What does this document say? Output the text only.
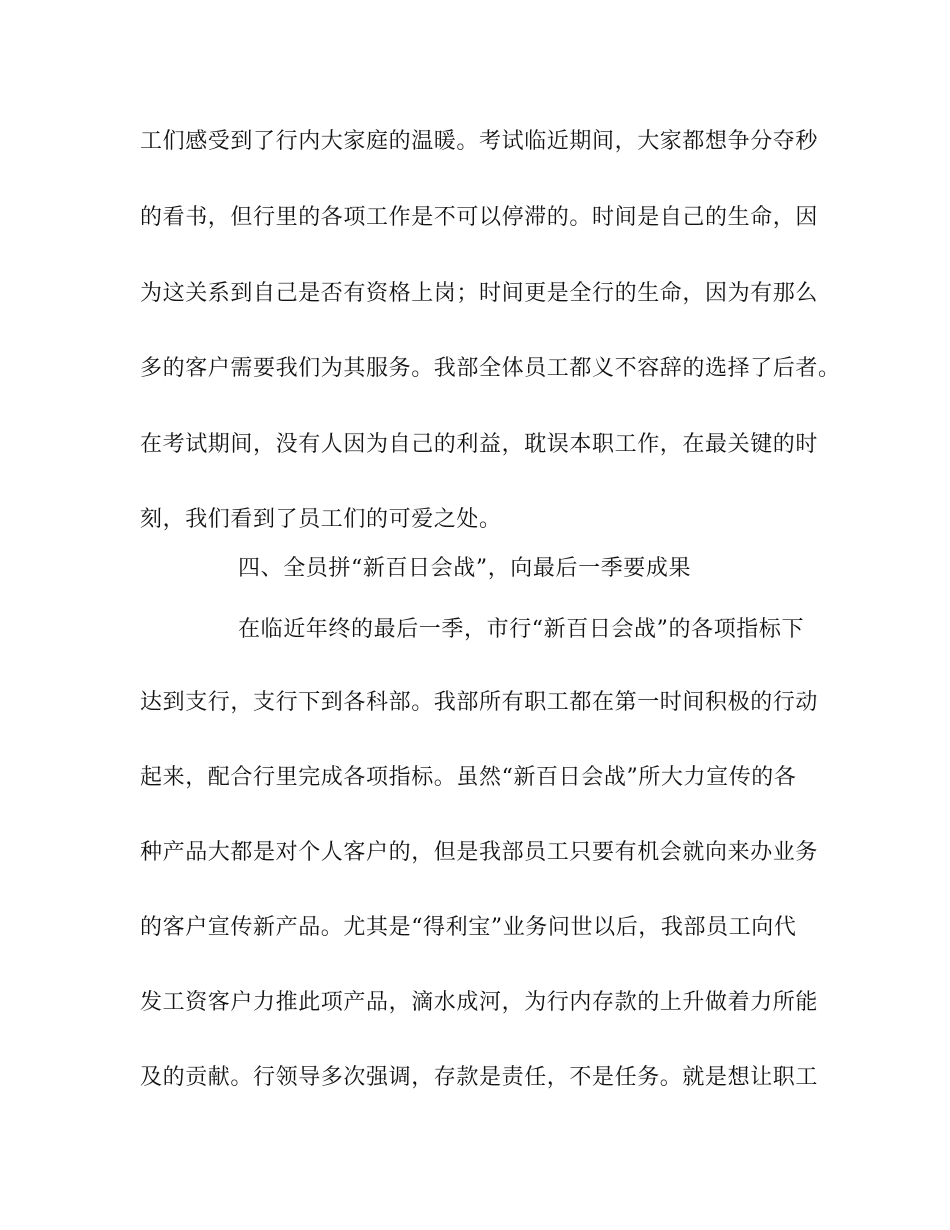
工们感受到了行内大家庭的温暖。考试临近期间，大家都想争分夺秒
的看书，但行里的各项工作是不可以停滞的。时间是自己的生命，因
为这关系到自己是否有资格上岗；时间更是全行的生命，因为有那么
多的客户需要我们为其服务。我部全体员工都义不容辞的选择了后者。
在考试期间，没有人因为自己的利益，耽误本职工作，在最关键的时
刻，我们看到了员工们的可爱之处。
四、全员拼“新百日会战”，向最后一季要成果
在临近年终的最后一季，市行“新百日会战”的各项指标下
达到支行，支行下到各科部。我部所有职工都在第一时间积极的行动
起来，配合行里完成各项指标。虽然“新百日会战”所大力宣传的各
种产品大都是对个人客户的，但是我部员工只要有机会就向来办业务
的客户宣传新产品。尤其是“得利宝”业务问世以后，我部员工向代
发工资客户力推此项产品，滴水成河，为行内存款的上升做着力所能
及的贡献。行领导多次强调，存款是责任，不是任务。就是想让职工
